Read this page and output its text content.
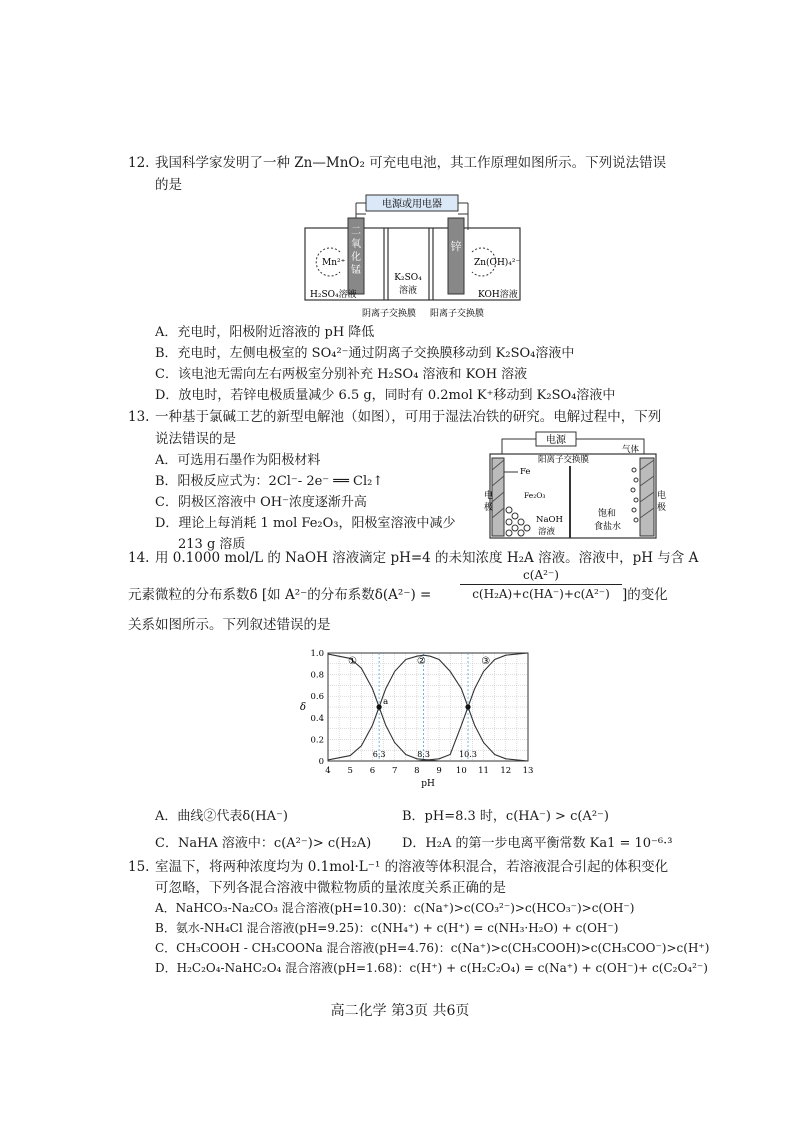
12. 我国科学家发明了一种 Zn—MnO₂ 可充电电池，其工作原理如图所示。下列说法错误
的是
电源或用电器
二
氧
化
锰
锌
Mn²⁺	Zn(OH)₄²⁻
K₂SO₄
溶液
H₂SO₄溶液	KOH溶液
阴离子交换膜 阳离子交换膜
A．充电时，阳极附近溶液的 pH 降低
B．充电时，左侧电极室的 SO₄²⁻通过阴离子交换膜移动到 K₂SO₄溶液中
C．该电池无需向左右两极室分别补充 H₂SO₄ 溶液和 KOH 溶液
D．放电时，若锌电极质量减少 6.5 g，同时有 0.2mol K⁺移动到 K₂SO₄溶液中
13. 一种基于氯碱工艺的新型电解池（如图），可用于湿法冶铁的研究。电解过程中，下列
说法错误的是
A．可选用石墨作为阳极材料
B．阳极反应式为：2Cl⁻- 2e⁻ ══ Cl₂↑
C．阴极区溶液中 OH⁻浓度逐渐升高
D．理论上每消耗 1 mol Fe₂O₃，阳极室溶液中减少
213 g 溶质
电源
电
极
电
极
阳离子交换膜
气体
Fe
Fe₂O₃
NaOH
溶液
饱和
食盐水
14. 用 0.1000 mol/L 的 NaOH 溶液滴定 pH=4 的未知浓度 H₂A 溶液。溶液中，pH 与含 A
元素微粒的分布系数δ [如 A²⁻的分布系数δ(A²⁻) =
c(A²⁻)
c(H₂A)+c(HA⁻)+c(A²⁻) ]的变化
关系如图所示。下列叙述错误的是
4 5 6 7 8 9 10 11 12 13
0
0.2
0.4
0.6
0.8
1.0
pH
δ
①	②	③
a
6.3	8.3	10.3
A．曲线②代表δ(HA⁻)	B．pH=8.3 时，c(HA⁻) > c(A²⁻)
C．NaHA 溶液中：c(A²⁻)> c(H₂A) D．H₂A 的第一步电离平衡常数 Ka1 = 10⁻⁶·³
15. 室温下，将两种浓度均为 0.1mol·L⁻¹ 的溶液等体积混合，若溶液混合引起的体积变化
可忽略，下列各混合溶液中微粒物质的量浓度关系正确的是
A．NaHCO₃-Na₂CO₃ 混合溶液(pH=10.30)：c(Na⁺)>c(CO₃²⁻)>c(HCO₃⁻)>c(OH⁻)
B．氨水-NH₄Cl 混合溶液(pH=9.25)：c(NH₄⁺) + c(H⁺) = c(NH₃·H₂O) + c(OH⁻)
C．CH₃COOH - CH₃COONa 混合溶液(pH=4.76)：c(Na⁺)>c(CH₃COOH)>c(CH₃COO⁻)>c(H⁺)
D．H₂C₂O₄-NaHC₂O₄ 混合溶液(pH=1.68)：c(H⁺) + c(H₂C₂O₄) = c(Na⁺) + c(OH⁻)+ c(C₂O₄²⁻)
高二化学 第3页 共6页
